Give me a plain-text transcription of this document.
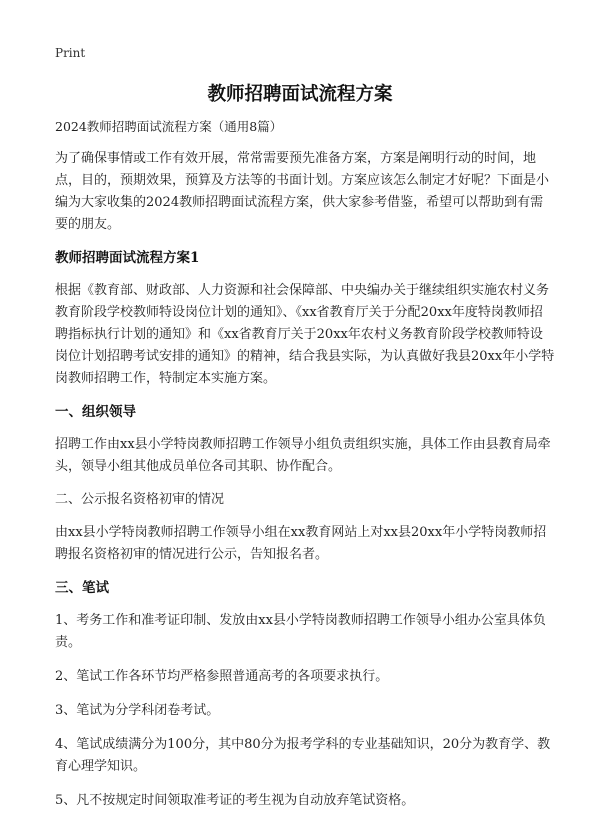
Print
教师招聘面试流程方案

2024教师招聘面试流程方案（通用8篇）

为了确保事情或工作有效开展，常常需要预先准备方案，方案是阐明行动的时间，地点，目的，预期效果，预算及方法等的书面计划。方案应该怎么制定才好呢？下面是小编为大家收集的2024教师招聘面试流程方案，供大家参考借鉴，希望可以帮助到有需要的朋友。

教师招聘面试流程方案1

根据《教育部、财政部、人力资源和社会保障部、中央编办关于继续组织实施农村义务教育阶段学校教师特设岗位计划的通知》、《xx省教育厅关于分配20xx年度特岗教师招聘指标执行计划的通知》和《xx省教育厅关于20xx年农村义务教育阶段学校教师特设岗位计划招聘考试安排的通知》的精神，结合我县实际，为认真做好我县20xx年小学特岗教师招聘工作，特制定本实施方案。

一、组织领导

招聘工作由xx县小学特岗教师招聘工作领导小组负责组织实施，具体工作由县教育局牵头，领导小组其他成员单位各司其职、协作配合。

二、公示报名资格初审的情况

由xx县小学特岗教师招聘工作领导小组在xx教育网站上对xx县20xx年小学特岗教师招聘报名资格初审的情况进行公示，告知报名者。

三、笔试

1、考务工作和准考证印制、发放由xx县小学特岗教师招聘工作领导小组办公室具体负责。

2、笔试工作各环节均严格参照普通高考的各项要求执行。

3、笔试为分学科闭卷考试。

4、笔试成绩满分为100分，其中80分为报考学科的专业基础知识，20分为教育学、教育心理学知识。

5、凡不按规定时间领取准考证的考生视为自动放弃笔试资格。
